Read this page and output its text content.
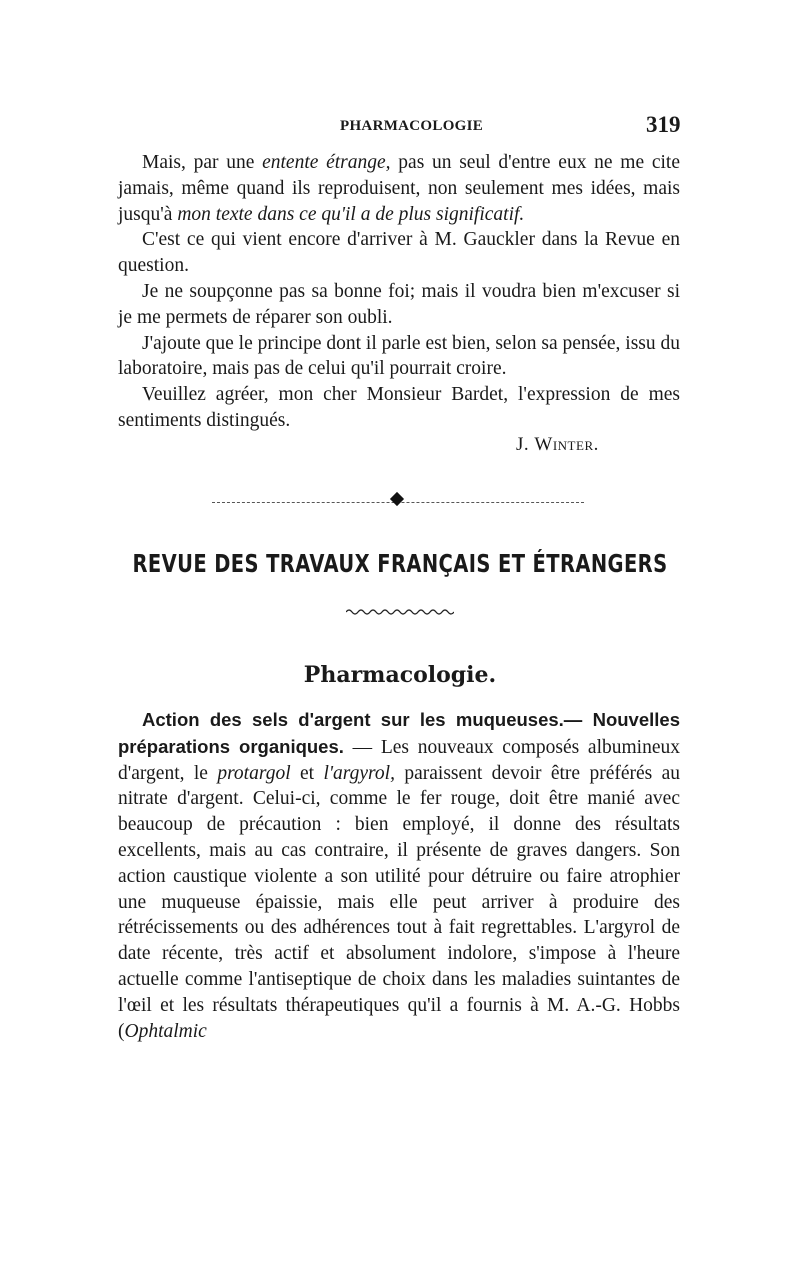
PHARMACOLOGIE	319

Mais, par une entente étrange, pas un seul d'entre eux ne me cite jamais, même quand ils reproduisent, non seulement mes idées, mais jusqu'à mon texte dans ce qu'il a de plus significatif.

C'est ce qui vient encore d'arriver à M. Gauckler dans la Revue en question.

Je ne soupçonne pas sa bonne foi; mais il voudra bien m'excuser si je me permets de réparer son oubli.

J'ajoute que le principe dont il parle est bien, selon sa pensée, issu du laboratoire, mais pas de celui qu'il pourrait croire.

Veuillez agréer, mon cher Monsieur Bardet, l'expression de mes sentiments distingués.

J. Winter.
REVUE DES TRAVAUX FRANÇAIS ET ÉTRANGERS
Pharmacologie.

Action des sels d'argent sur les muqueuses.— Nouvelles préparations organiques. — Les nouveaux composés albumineux d'argent, le protargol et l'argyrol, paraissent devoir être préférés au nitrate d'argent. Celui-ci, comme le fer rouge, doit être manié avec beaucoup de précaution : bien employé, il donne des résultats excellents, mais au cas contraire, il présente de graves dangers. Son action caustique violente a son utilité pour détruire ou faire atrophier une muqueuse épaissie, mais elle peut arriver à produire des rétrécissements ou des adhérences tout à fait regrettables. L'argyrol de date récente, très actif et absolument indolore, s'impose à l'heure actuelle comme l'antiseptique de choix dans les maladies suintantes de l'œil et les résultats thérapeutiques qu'il a fournis à M. A.-G. Hobbs (Ophtalmic
